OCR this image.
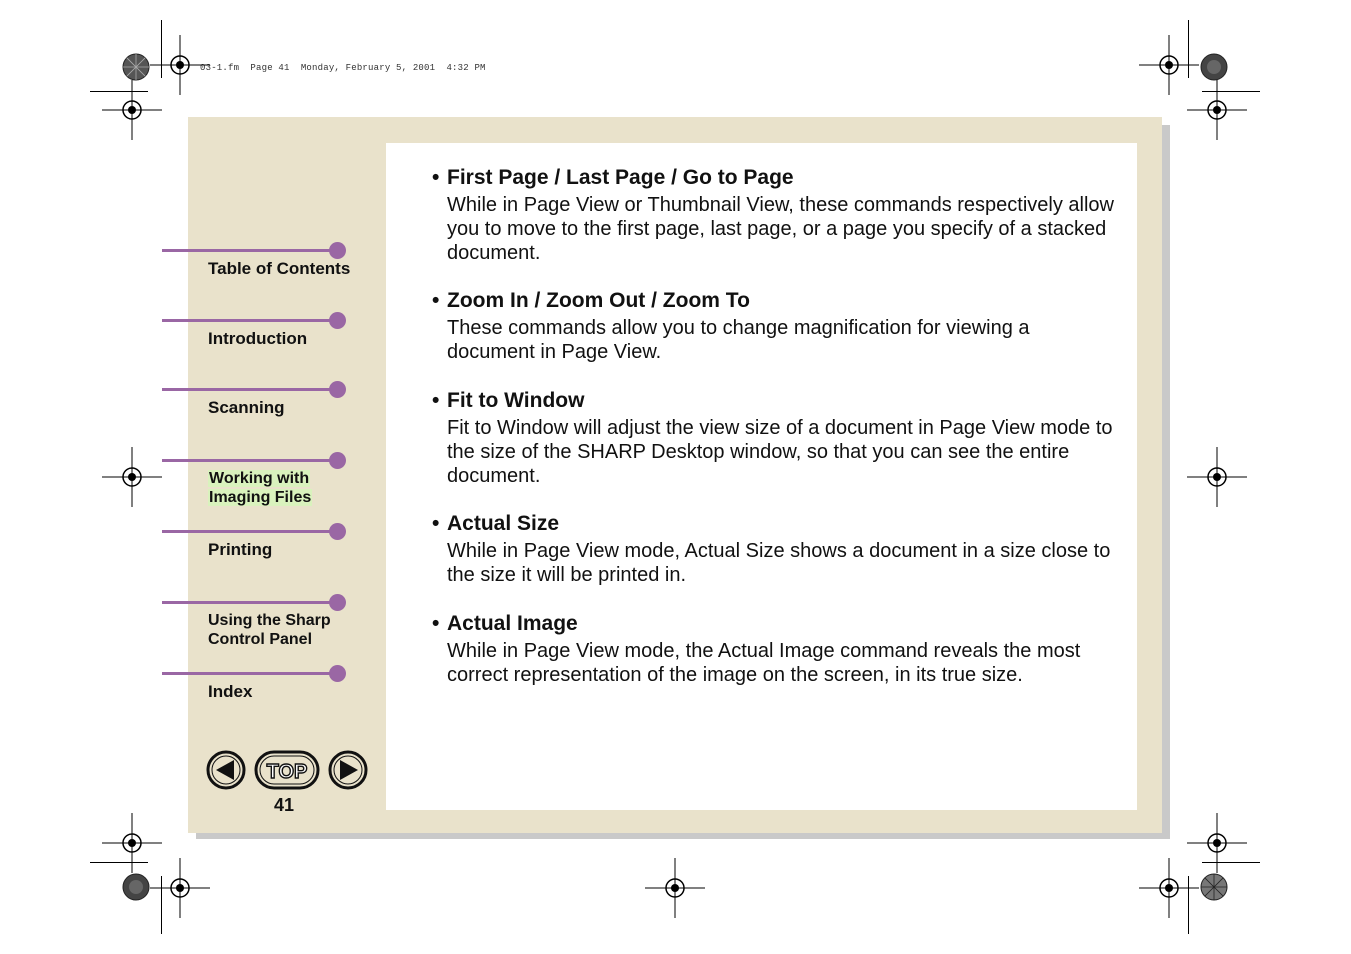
03-1.fm  Page 41  Monday, February 5, 2001  4:32 PM
Table of Contents
Introduction
Scanning
Working with
Imaging Files
Printing
Using the Sharp
Control Panel
Index
TOP
41
• First Page / Last Page / Go to Page
While in Page View or Thumbnail View, these commands respectively allow you to move to the first page, last page, or a page you specify of a stacked document.
• Zoom In / Zoom Out / Zoom To
These commands allow you to change magnification for viewing a document in Page View.
• Fit to Window
Fit to Window will adjust the view size of a document in Page View mode to the size of the SHARP Desktop window, so that you can see the entire document.
• Actual Size
While in Page View mode, Actual Size shows a document in a size close to the size it will be printed in.
• Actual Image
While in Page View mode, the Actual Image command reveals the most correct representation of the image on the screen, in its true size.
